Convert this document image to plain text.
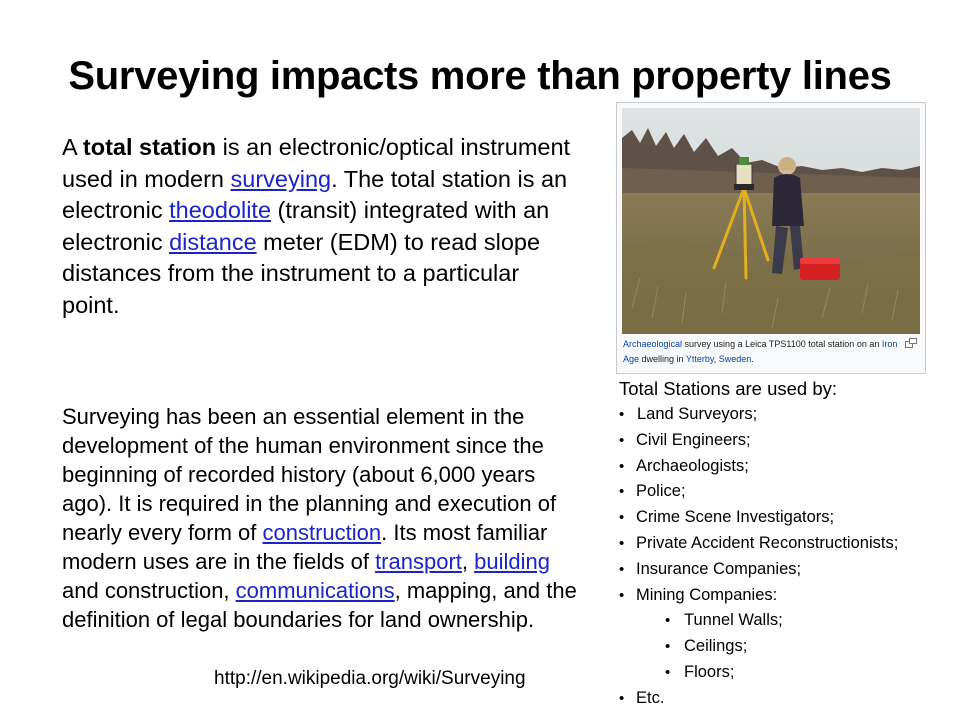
Surveying impacts more than property lines
A total station is an electronic/optical instrument used in modern surveying. The total station is an electronic theodolite (transit) integrated with an electronic distance meter (EDM) to read slope distances from the instrument to a particular point.
Surveying has been an essential element in the development of the human environment since the beginning of recorded history (about 6,000 years ago). It is required in the planning and execution of nearly every form of construction. Its most familiar modern uses are in the fields of transport, building and construction, communications, mapping, and the definition of legal boundaries for land ownership.
http://en.wikipedia.org/wiki/Surveying
Archaeological survey using a Leica TPS1100 total station on an Iron Age dwelling in Ytterby, Sweden.
Total Stations are used by:
• Land Surveyors;
• Civil Engineers;
• Archaeologists;
• Police;
• Crime Scene Investigators;
• Private Accident Reconstructionists;
• Insurance Companies;
• Mining Companies:
• Tunnel Walls;
• Ceilings;
• Floors;
• Etc.
